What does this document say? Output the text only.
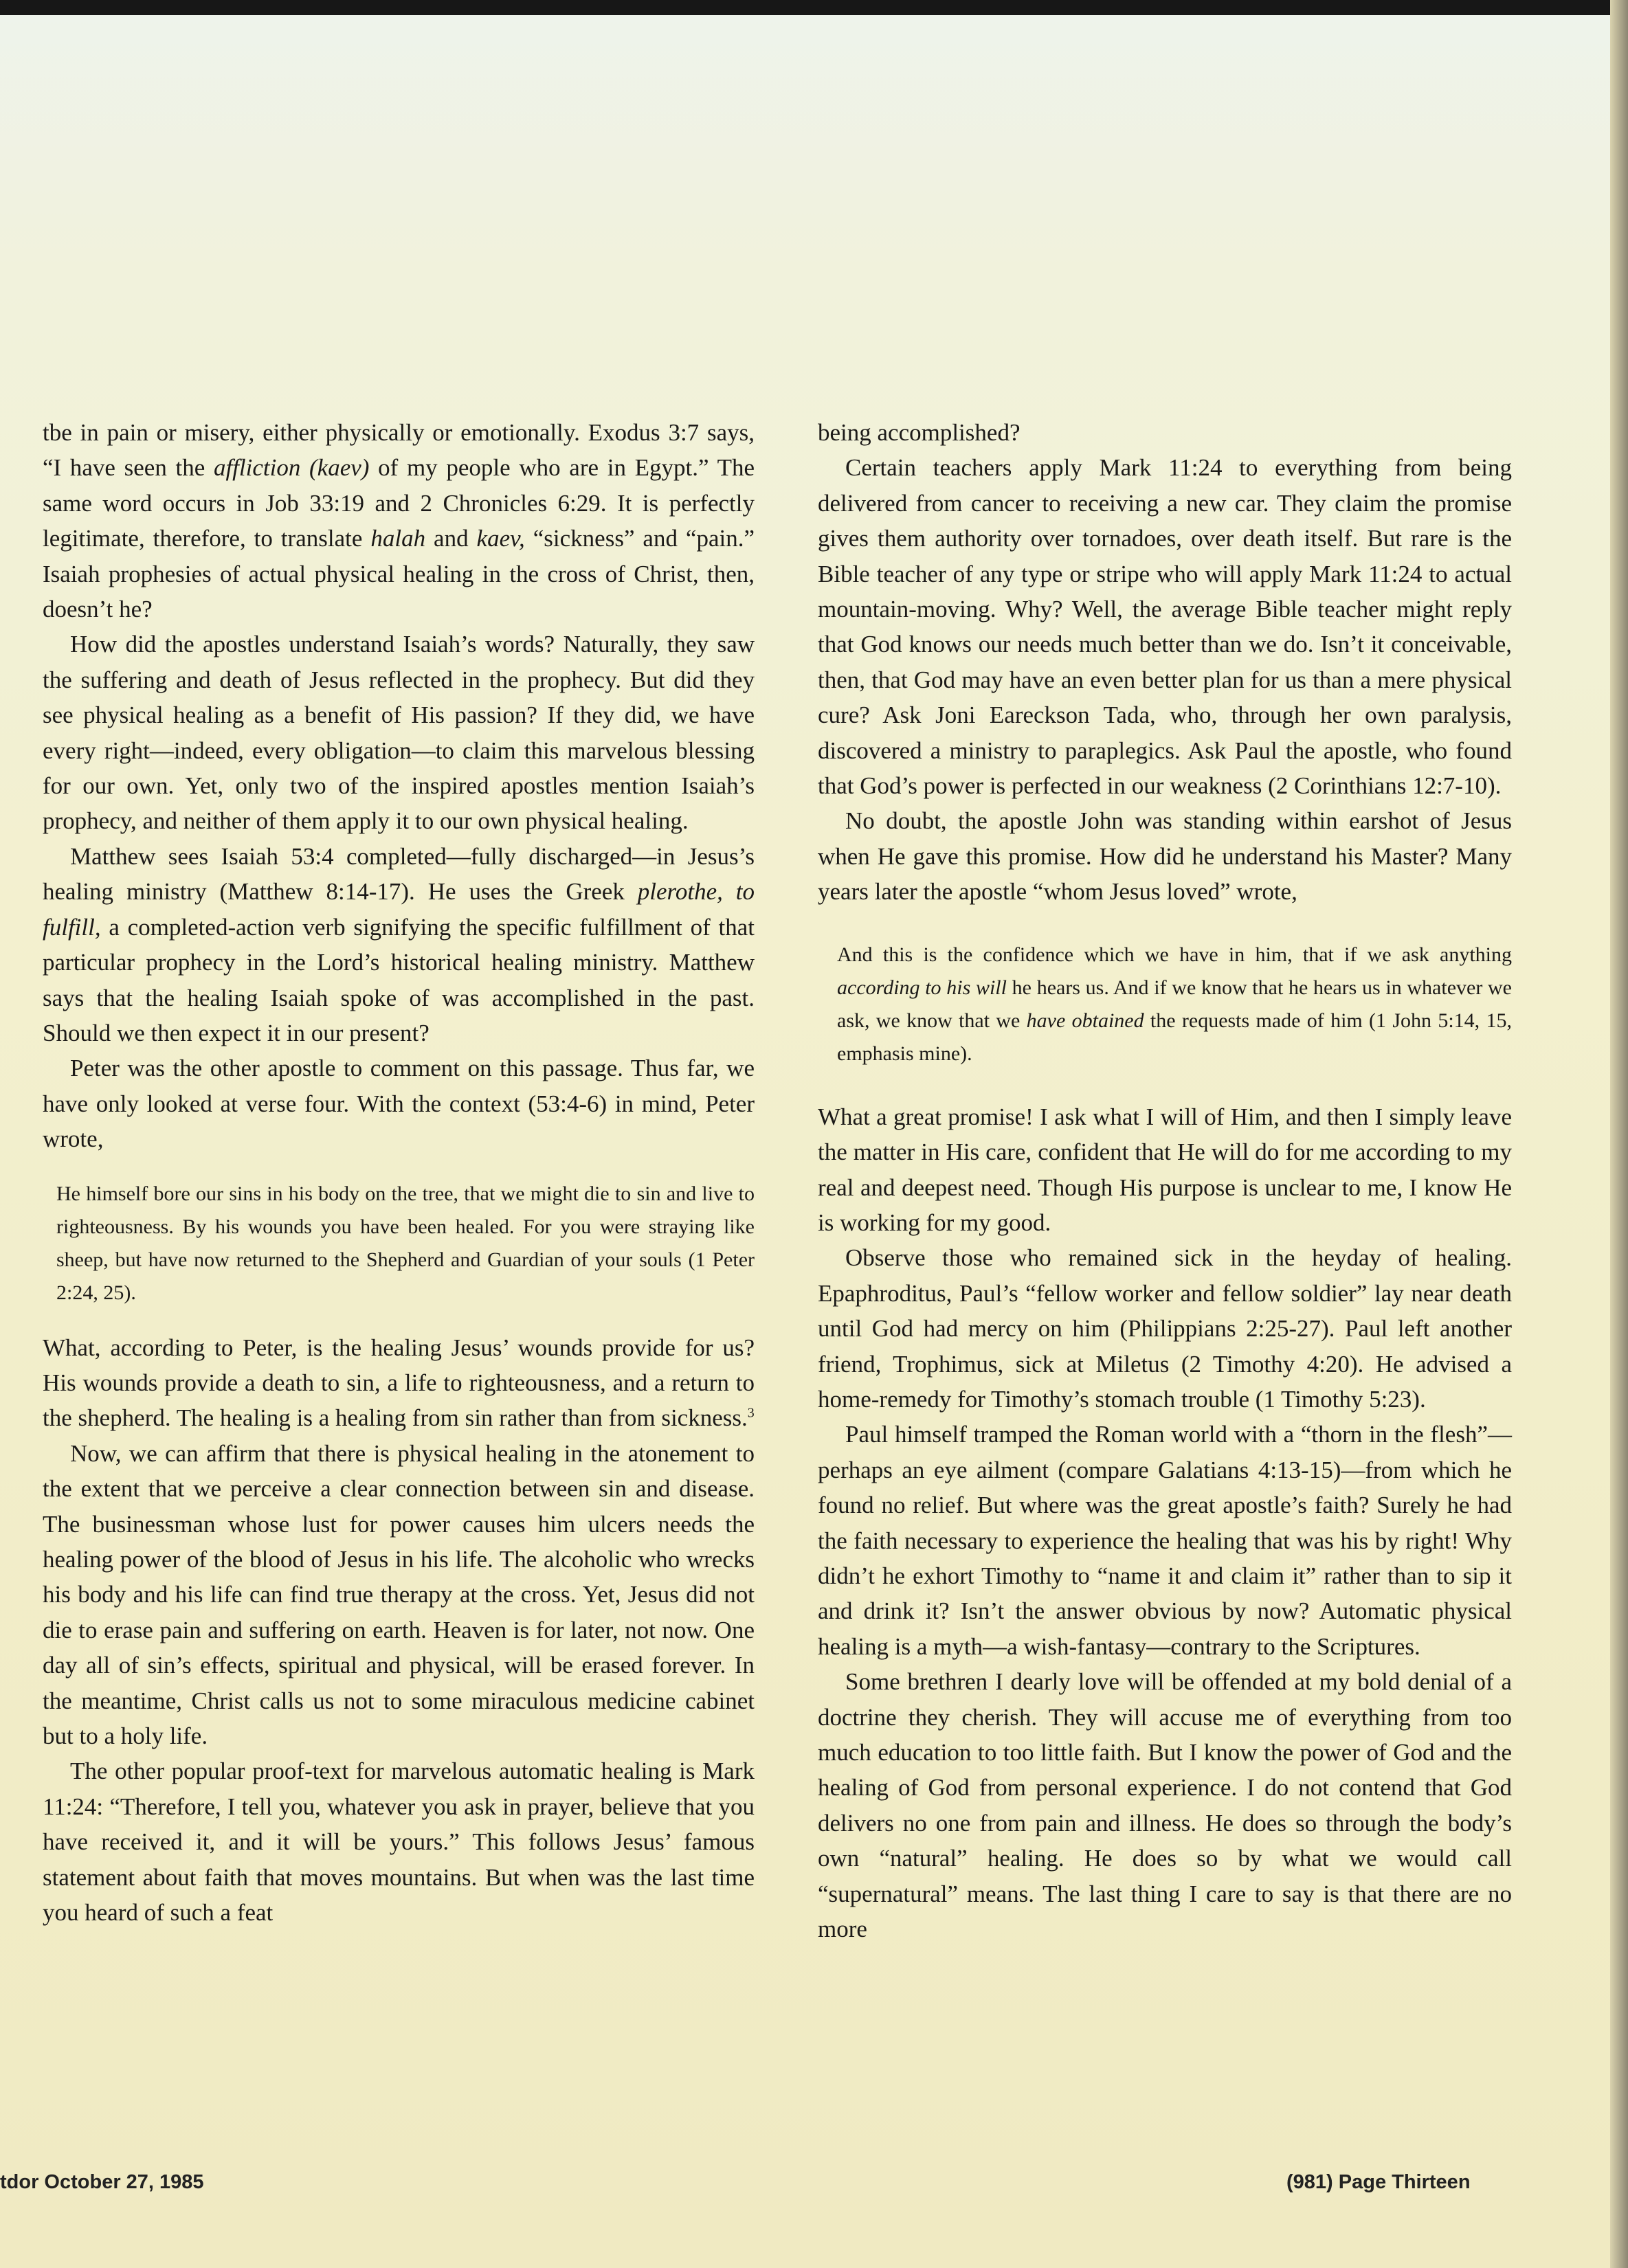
tbe in pain or misery, either physically or emotionally. Exodus 3:7 says, “I have seen the affliction (kaev) of my people who are in Egypt.” The same word occurs in Job 33:19 and 2 Chronicles 6:29. It is perfectly legitimate, therefore, to translate halah and kaev, “sickness” and “pain.” Isaiah prophesies of actual physical healing in the cross of Christ, then, doesn’t he?

How did the apostles understand Isaiah’s words? Naturally, they saw the suffering and death of Jesus reflected in the prophecy. But did they see physical healing as a benefit of His passion? If they did, we have every right—indeed, every obligation—to claim this marvelous blessing for our own. Yet, only two of the inspired apostles mention Isaiah’s prophecy, and neither of them apply it to our own physical healing.

Matthew sees Isaiah 53:4 completed—fully discharged—in Jesus’s healing ministry (Matthew 8:14-17). He uses the Greek plerothe, to fulfill, a completed-action verb signifying the specific fulfillment of that particular prophecy in the Lord’s historical healing ministry. Matthew says that the healing Isaiah spoke of was accomplished in the past. Should we then expect it in our present?

Peter was the other apostle to comment on this passage. Thus far, we have only looked at verse four. With the context (53:4-6) in mind, Peter wrote,

He himself bore our sins in his body on the tree, that we might die to sin and live to righteousness. By his wounds you have been healed. For you were straying like sheep, but have now returned to the Shepherd and Guardian of your souls (1 Peter 2:24, 25).

What, according to Peter, is the healing Jesus’ wounds provide for us? His wounds provide a death to sin, a life to righteousness, and a return to the shepherd. The healing is a healing from sin rather than from sickness.$^3$

Now, we can affirm that there is physical healing in the atonement to the extent that we perceive a clear connection between sin and disease. The businessman whose lust for power causes him ulcers needs the healing power of the blood of Jesus in his life. The alcoholic who wrecks his body and his life can find true therapy at the cross. Yet, Jesus did not die to erase pain and suffering on earth. Heaven is for later, not now. One day all of sin’s effects, spiritual and physical, will be erased forever. In the meantime, Christ calls us not to some miraculous medicine cabinet but to a holy life.

The other popular proof-text for marvelous automatic healing is Mark 11:24: “Therefore, I tell you, whatever you ask in prayer, believe that you have received it, and it will be yours.” This follows Jesus’ famous statement about faith that moves mountains. But when was the last time you heard of such a feat

being accomplished?

Certain teachers apply Mark 11:24 to everything from being delivered from cancer to receiving a new car. They claim the promise gives them authority over tornadoes, over death itself. But rare is the Bible teacher of any type or stripe who will apply Mark 11:24 to actual mountain-moving. Why? Well, the average Bible teacher might reply that God knows our needs much better than we do. Isn’t it conceivable, then, that God may have an even better plan for us than a mere physical cure? Ask Joni Eareckson Tada, who, through her own paralysis, discovered a ministry to paraplegics. Ask Paul the apostle, who found that God’s power is perfected in our weakness (2 Corinthians 12:7-10).

No doubt, the apostle John was standing within earshot of Jesus when He gave this promise. How did he understand his Master? Many years later the apostle “whom Jesus loved” wrote,

And this is the confidence which we have in him, that if we ask anything according to his will he hears us. And if we know that he hears us in whatever we ask, we know that we have obtained the requests made of him (1 John 5:14, 15, emphasis mine).

What a great promise! I ask what I will of Him, and then I simply leave the matter in His care, confident that He will do for me according to my real and deepest need. Though His purpose is unclear to me, I know He is working for my good.

Observe those who remained sick in the heyday of healing. Epaphroditus, Paul’s “fellow worker and fellow soldier” lay near death until God had mercy on him (Philippians 2:25-27). Paul left another friend, Trophimus, sick at Miletus (2 Timothy 4:20). He advised a home-remedy for Timothy’s stomach trouble (1 Timothy 5:23).

Paul himself tramped the Roman world with a “thorn in the flesh”—perhaps an eye ailment (compare Galatians 4:13-15)—from which he found no relief. But where was the great apostle’s faith? Surely he had the faith necessary to experience the healing that was his by right! Why didn’t he exhort Timothy to “name it and claim it” rather than to sip it and drink it? Isn’t the answer obvious by now? Automatic physical healing is a myth—a wish-fantasy—contrary to the Scriptures.

Some brethren I dearly love will be offended at my bold denial of a doctrine they cherish. They will accuse me of everything from too much education to too little faith. But I know the power of God and the healing of God from personal experience. I do not contend that God delivers no one from pain and illness. He does so through the body’s own “natural” healing. He does so by what we would call “supernatural” means. The last thing I care to say is that there are no more

tdor October 27, 1985	(981) Page Thirteen
